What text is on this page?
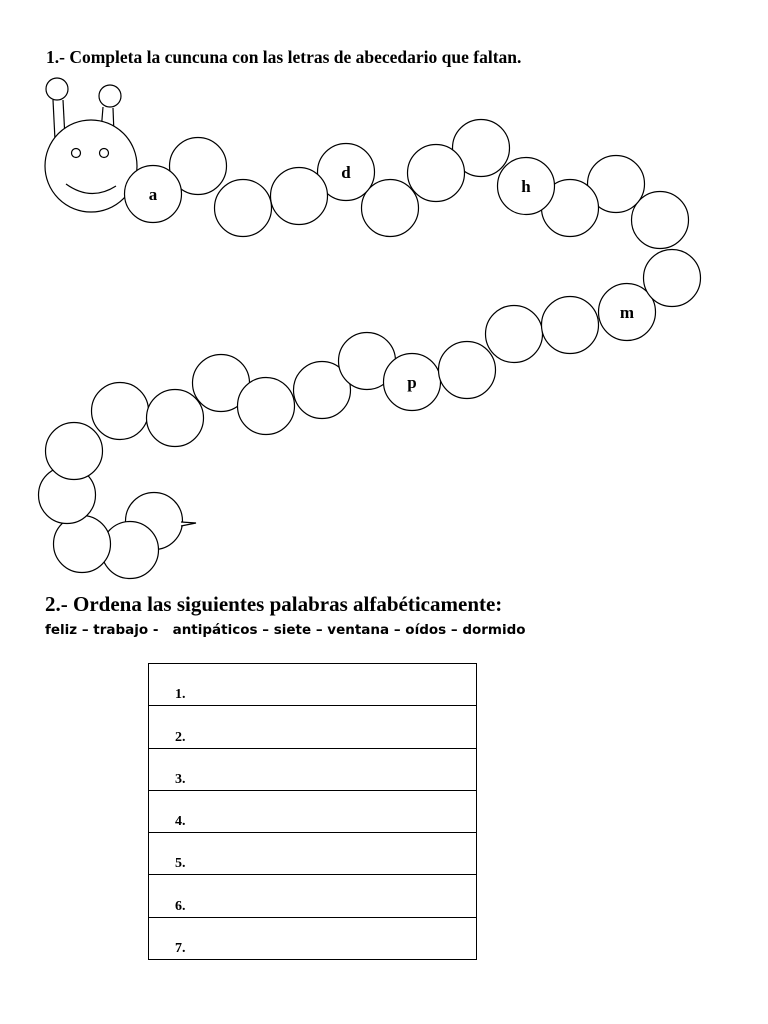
1.- Completa la cuncuna con las letras de abecedario que faltan.
p
m
h
d
a
2.- Ordena las siguientes palabras alfabéticamente:
feliz – trabajo -   antipáticos – siete – ventana – oídos – dormido
1.
2.
3.
4.
5.
6.
7.
